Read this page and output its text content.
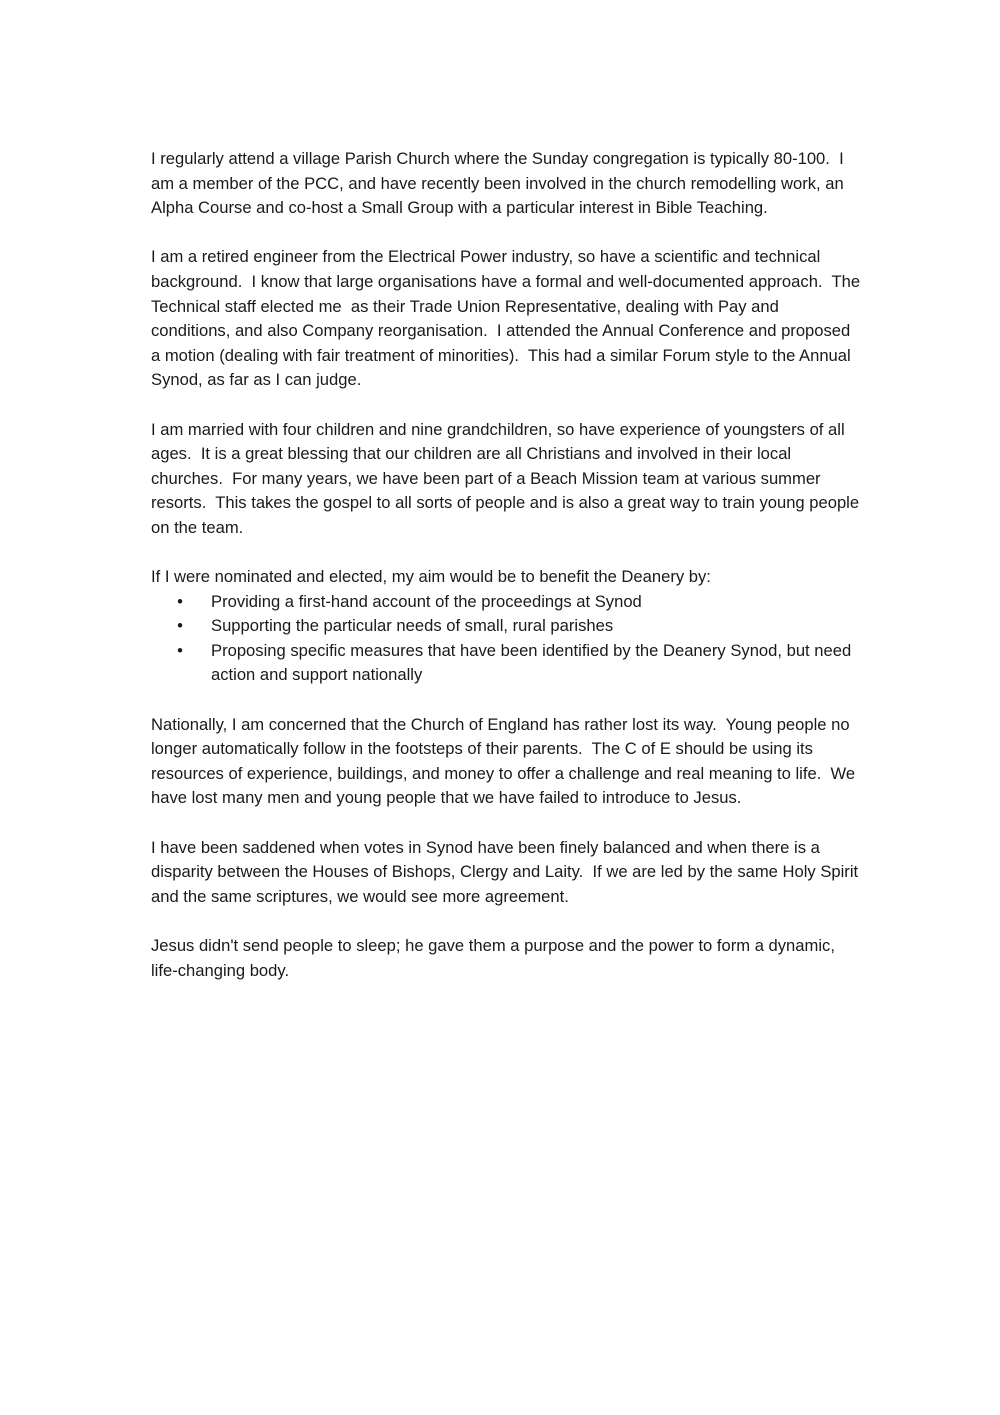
I regularly attend a village Parish Church where the Sunday congregation is typically 80-100.  I am a member of the PCC, and have recently been involved in the church remodelling work, an Alpha Course and co-host a Small Group with a particular interest in Bible Teaching.

I am a retired engineer from the Electrical Power industry, so have a scientific and technical background.  I know that large organisations have a formal and well-documented approach.  The Technical staff elected me  as their Trade Union Representative, dealing with Pay and conditions, and also Company reorganisation.  I attended the Annual Conference and proposed a motion (dealing with fair treatment of minorities).  This had a similar Forum style to the Annual Synod, as far as I can judge.

I am married with four children and nine grandchildren, so have experience of youngsters of all ages.  It is a great blessing that our children are all Christians and involved in their local churches.  For many years, we have been part of a Beach Mission team at various summer resorts.  This takes the gospel to all sorts of people and is also a great way to train young people on the team.

If I were nominated and elected, my aim would be to benefit the Deanery by:

• Providing a first-hand account of the proceedings at Synod
• Supporting the particular needs of small, rural parishes
• Proposing specific measures that have been identified by the Deanery Synod, but need action and support nationally

Nationally, I am concerned that the Church of England has rather lost its way.  Young people no longer automatically follow in the footsteps of their parents.  The C of E should be using its resources of experience, buildings, and money to offer a challenge and real meaning to life.  We have lost many men and young people that we have failed to introduce to Jesus.

I have been saddened when votes in Synod have been finely balanced and when there is a disparity between the Houses of Bishops, Clergy and Laity.  If we are led by the same Holy Spirit and the same scriptures, we would see more agreement.

Jesus didn't send people to sleep; he gave them a purpose and the power to form a dynamic, life-changing body.
